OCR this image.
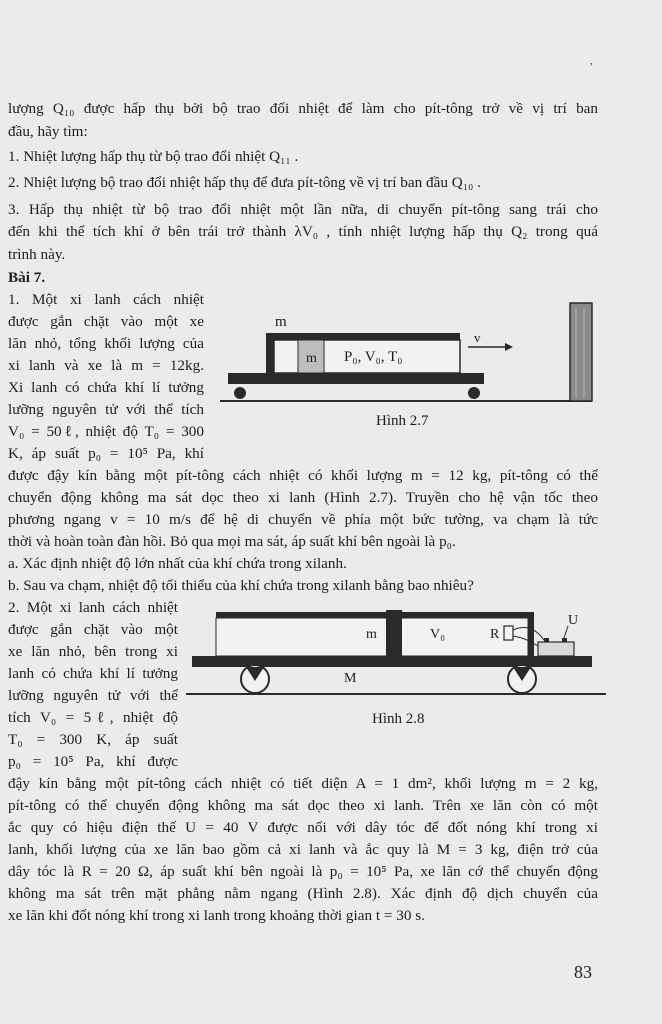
,
lượng Q₁₀ được hấp thụ bởi bộ trao đổi nhiệt để làm cho pít-tông trở về vị trí ban
đầu, hãy tìm:
1. Nhiệt lượng hấp thụ từ bộ trao đổi nhiệt Q₁₁ .
2. Nhiệt lượng bộ trao đổi nhiệt hấp thụ để đưa pít-tông về vị trí ban đầu Q₁₀ .
3. Hấp thụ nhiệt từ bộ trao đổi nhiệt một lần nữa, di chuyển pít-tông sang trái cho
đến khi thể tích khí ở bên trái trở thành λV₀ , tính nhiệt lượng hấp thụ Q₂ trong quá
trình này.
Bài 7.
1. Một xi lanh cách nhiệt
được gắn chặt vào một xe
lăn nhỏ, tổng khối lượng của
xi lanh và xe là m = 12kg.
Xi lanh có chứa khí lí tưởng
lưỡng nguyên tử với thể tích
V₀ = 50ℓ, nhiệt độ T₀ = 300
K, áp suất p₀ = 10⁵ Pa, khí
m
m P₀, V₀, T₀
v
Hình 2.7
được đậy kín bằng một pít-tông cách nhiệt có khối lượng m = 12 kg, pít-tông có thể
chuyển động không ma sát dọc theo xi lanh (Hình 2.7). Truyền cho hệ vận tốc theo
phương ngang v = 10 m/s để hệ di chuyển về phía một bức tường, va chạm là tức
thời và hoàn toàn đàn hồi. Bỏ qua mọi ma sát, áp suất khí bên ngoài là p₀.
a. Xác định nhiệt độ lớn nhất của khí chứa trong xilanh.
b. Sau va chạm, nhiệt độ tối thiểu của khí chứa trong xilanh bằng bao nhiêu?
2. Một xi lanh cách nhiệt
được gắn chặt vào một
xe lăn nhỏ, bên trong xi
lanh có chứa khí lí tưởng
lưỡng nguyên tử với thể
tích V₀ = 5ℓ, nhiệt độ
T₀ = 300 K, áp suất
p₀ = 10⁵ Pa, khí được
m	V₀	R
U
M
Hình 2.8
đậy kín bằng một pít-tông cách nhiệt có tiết diện A = 1 dm², khối lượng m = 2 kg,
pít-tông có thể chuyển động không ma sát dọc theo xi lanh. Trên xe lăn còn có một
ắc quy có hiệu điện thế U = 40 V được nối với dây tóc để đốt nóng khí trong xi
lanh, khối lượng của xe lăn bao gồm cả xi lanh và ắc quy là M = 3 kg, điện trở của
dây tóc là R = 20 Ω, áp suất khí bên ngoài là p₀ = 10⁵ Pa, xe lăn cớ thể chuyển động
không ma sát trên mặt phẳng nằm ngang (Hình 2.8). Xác định độ dịch chuyển của
xe lăn khi đốt nóng khí trong xi lanh trong khoảng thời gian t = 30 s.
83
